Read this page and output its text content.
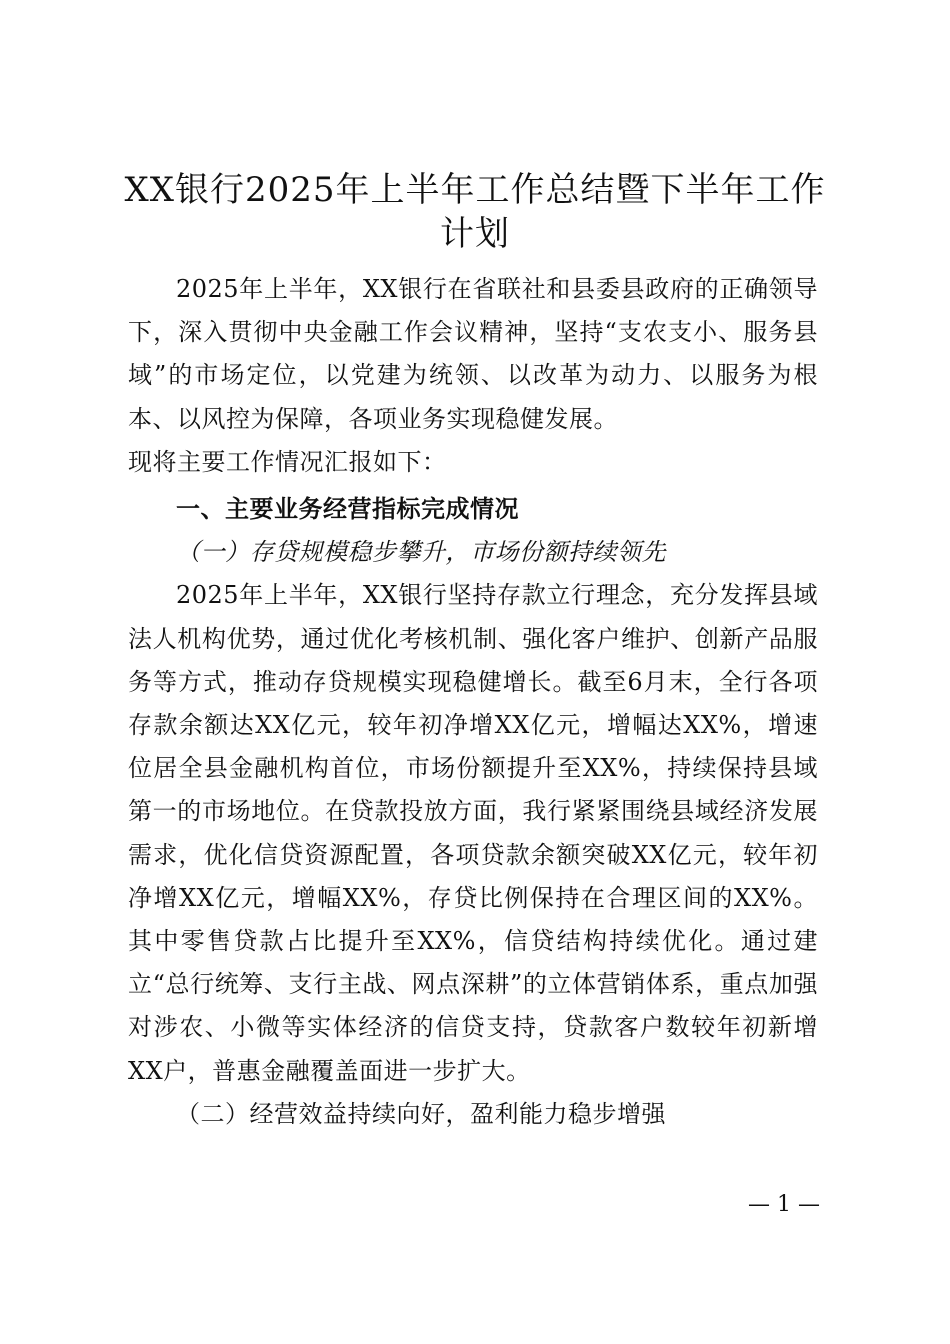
XX银行2025年上半年工作总结暨下半年工作计划

2025年上半年，XX银行在省联社和县委县政府的正确领导下，深入贯彻中央金融工作会议精神，坚持“支农支小、服务县域”的市场定位，以党建为统领、以改革为动力、以服务为根本、以风控为保障，各项业务实现稳健发展。

现将主要工作情况汇报如下：

一、主要业务经营指标完成情况

（一）存贷规模稳步攀升，市场份额持续领先

2025年上半年，XX银行坚持存款立行理念，充分发挥县域法人机构优势，通过优化考核机制、强化客户维护、创新产品服务等方式，推动存贷规模实现稳健增长。截至6月末，全行各项存款余额达XX亿元，较年初净增XX亿元，增幅达XX%，增速位居全县金融机构首位，市场份额提升至XX%，持续保持县域第一的市场地位。在贷款投放方面，我行紧紧围绕县域经济发展需求，优化信贷资源配置，各项贷款余额突破XX亿元，较年初净增XX亿元，增幅XX%，存贷比例保持在合理区间的XX%。其中零售贷款占比提升至XX%，信贷结构持续优化。通过建立“总行统筹、支行主战、网点深耕”的立体营销体系，重点加强对涉农、小微等实体经济的信贷支持，贷款客户数较年初新增XX户，普惠金融覆盖面进一步扩大。

（二）经营效益持续向好，盈利能力稳步增强

— 1 —
